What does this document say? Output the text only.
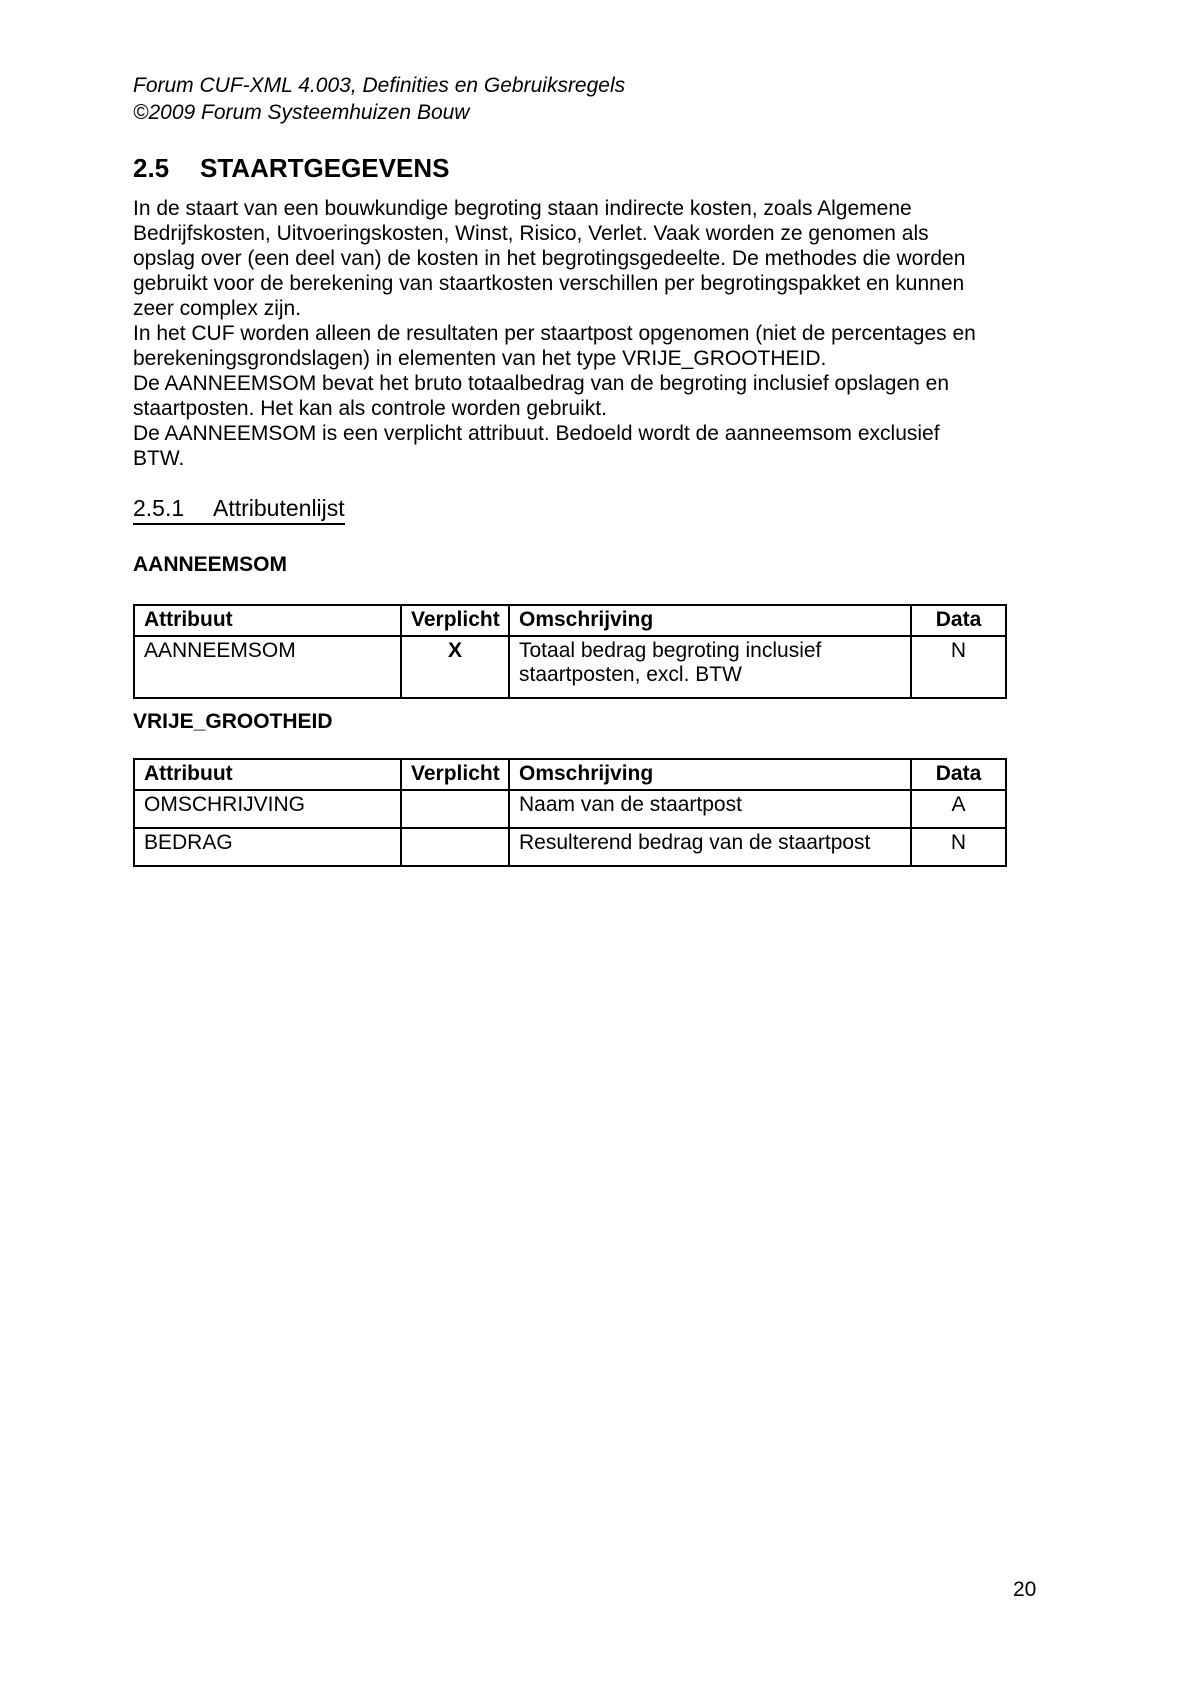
Forum CUF-XML 4.003, Definities en Gebruiksregels
©2009 Forum Systeemhuizen Bouw
2.5 STAARTGEGEVENS
In de staart van een bouwkundige begroting staan indirecte kosten, zoals Algemene
Bedrijfskosten, Uitvoeringskosten, Winst, Risico, Verlet. Vaak worden ze genomen als
opslag over (een deel van) de kosten in het begrotingsgedeelte. De methodes die worden
gebruikt voor de berekening van staartkosten verschillen per begrotingspakket en kunnen
zeer complex zijn.
In het CUF worden alleen de resultaten per staartpost opgenomen (niet de percentages en
berekeningsgrondslagen) in elementen van het type VRIJE_GROOTHEID.
De AANNEEMSOM bevat het bruto totaalbedrag van de begroting inclusief opslagen en
staartposten. Het kan als controle worden gebruikt.
De AANNEEMSOM is een verplicht attribuut. Bedoeld wordt de aanneemsom exclusief
BTW.
2.5.1 Attributenlijst
AANNEEMSOM
Attribuut	Verplicht	Omschrijving	Data
AANNEEMSOM	X	Totaal bedrag begroting inclusief staartposten, excl. BTW	N
VRIJE_GROOTHEID
Attribuut	Verplicht	Omschrijving	Data
OMSCHRIJVING		Naam van de staartpost	A
BEDRAG		Resulterend bedrag van de staartpost	N
20
